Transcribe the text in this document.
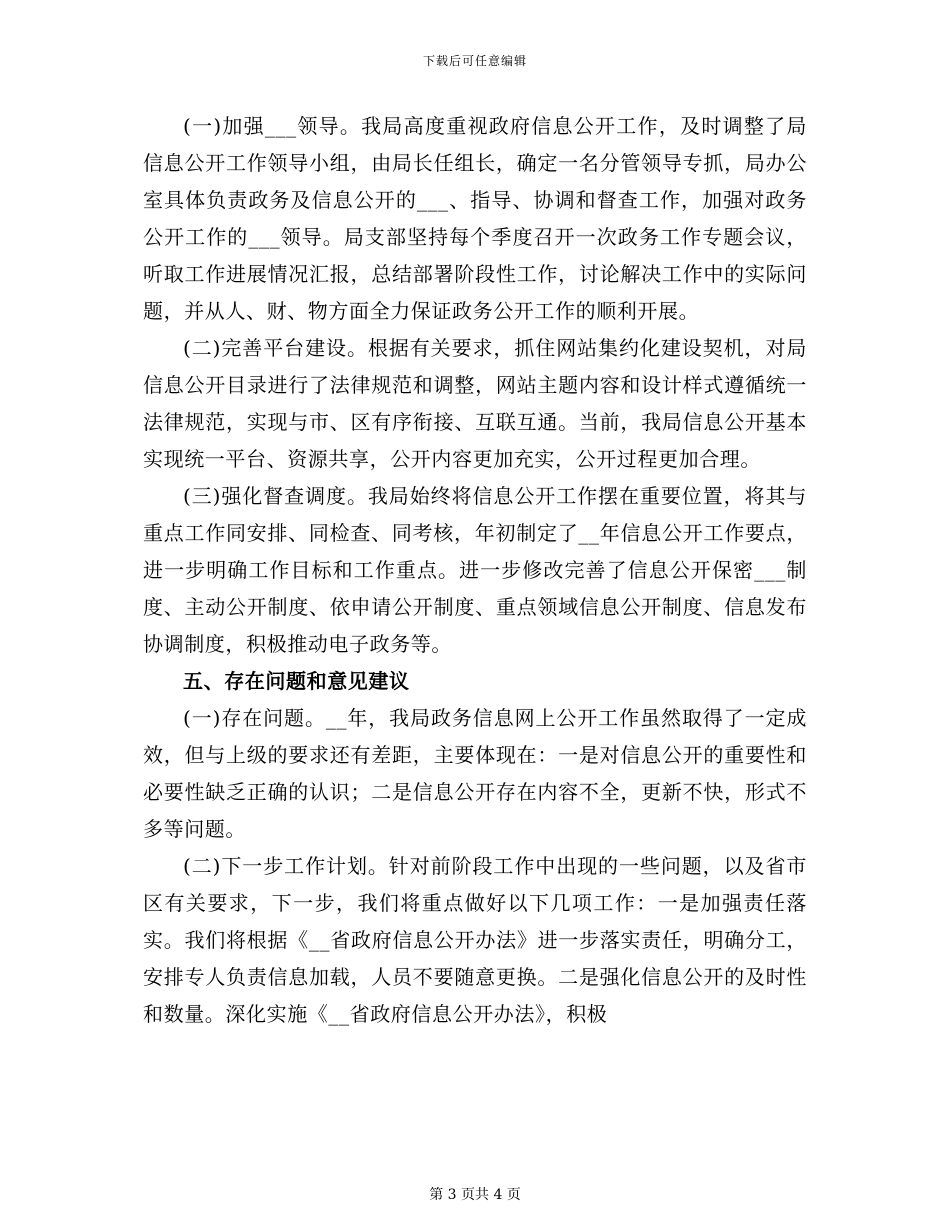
下载后可任意编辑

(一)加强___领导。我局高度重视政府信息公开工作，及时调整了局信息公开工作领导小组，由局长任组长，确定一名分管领导专抓，局办公室具体负责政务及信息公开的___、指导、协调和督查工作，加强对政务公开工作的___领导。局支部坚持每个季度召开一次政务工作专题会议，听取工作进展情况汇报，总结部署阶段性工作，讨论解决工作中的实际问题，并从人、财、物方面全力保证政务公开工作的顺利开展。

(二)完善平台建设。根据有关要求，抓住网站集约化建设契机，对局信息公开目录进行了法律规范和调整，网站主题内容和设计样式遵循统一法律规范，实现与市、区有序衔接、互联互通。当前，我局信息公开基本实现统一平台、资源共享，公开内容更加充实，公开过程更加合理。

(三)强化督查调度。我局始终将信息公开工作摆在重要位置，将其与重点工作同安排、同检查、同考核，年初制定了__年信息公开工作要点，进一步明确工作目标和工作重点。进一步修改完善了信息公开保密___制度、主动公开制度、依申请公开制度、重点领域信息公开制度、信息发布协调制度，积极推动电子政务等。

五、存在问题和意见建议

(一)存在问题。__年，我局政务信息网上公开工作虽然取得了一定成效，但与上级的要求还有差距，主要体现在：一是对信息公开的重要性和必要性缺乏正确的认识；二是信息公开存在内容不全，更新不快，形式不多等问题。

(二)下一步工作计划。针对前阶段工作中出现的一些问题，以及省市区有关要求，下一步，我们将重点做好以下几项工作：一是加强责任落实。我们将根据《__省政府信息公开办法》进一步落实责任，明确分工，安排专人负责信息加载，人员不要随意更换。二是强化信息公开的及时性和数量。深化实施《__省政府信息公开办法》，积极

第 3 页共 4 页
